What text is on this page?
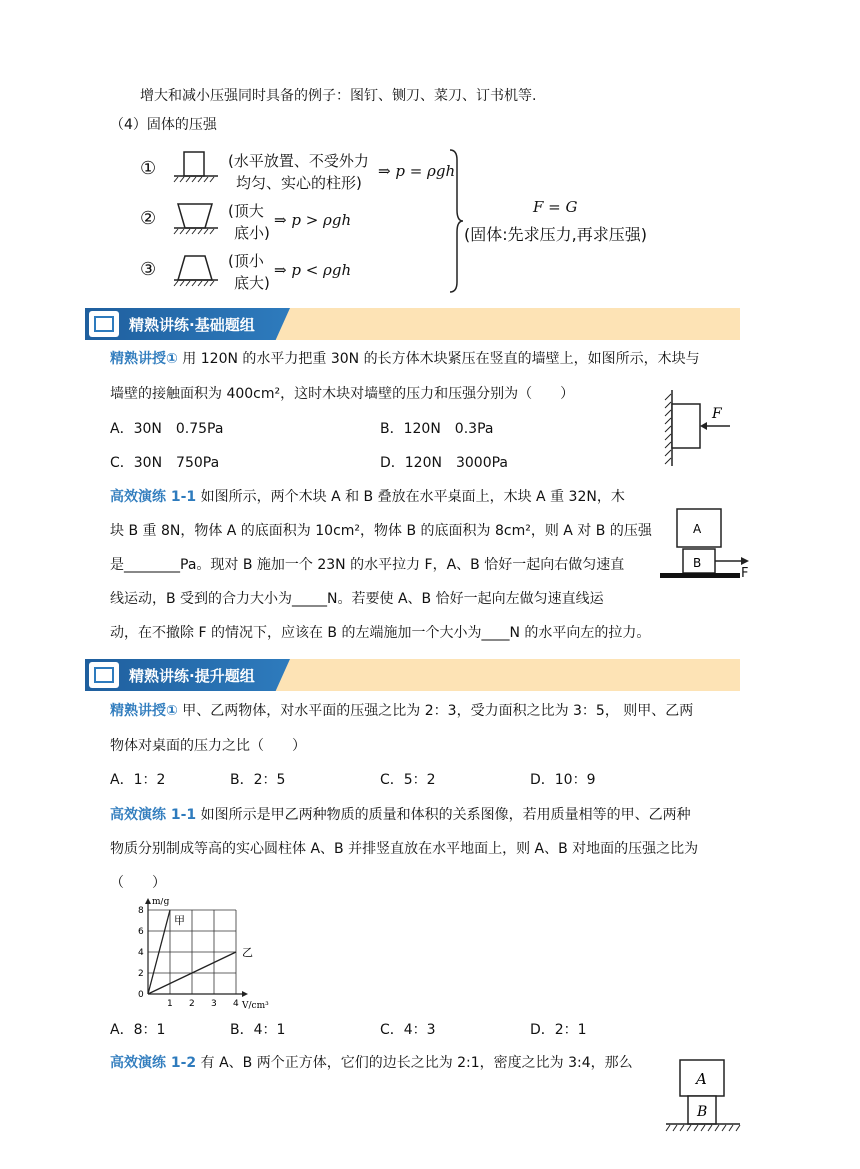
增大和减小压强同时具备的例子：图钉、铡刀、菜刀、订书机等.
（4）固体的压强
①	(水平放置、不受外力
均匀、实心的柱形)
⇒ p = ρgh
②	(顶大
底小)
⇒ p > ρgh
③	(顶小
底大)
⇒ p < ρgh
F = G
(固体:先求压力,再求压强)
精熟讲练·基础题组
精熟讲授① 用 120N 的水平力把重 30N 的长方体木块紧压在竖直的墙壁上，如图所示，木块与
墙壁的接触面积为 400cm²，这时木块对墙壁的压力和压强分别为（　　）
A．30N　0.75Pa	B．120N　0.3Pa
C．30N　750Pa	D．120N　3000Pa
F
高效演练 1-1 如图所示，两个木块 A 和 B 叠放在水平桌面上，木块 A 重 32N，木
块 B 重 8N，物体 A 的底面积为 10cm²，物体 B 的底面积为 8cm²，则 A 对 B 的压强
是________Pa。现对 B 施加一个 23N 的水平拉力 F，A、B 恰好一起向右做匀速直
线运动，B 受到的合力大小为_____N。若要使 A、B 恰好一起向左做匀速直线运
动，在不撤除 F 的情况下，应该在 B 的左端施加一个大小为____N 的水平向左的拉力。
A
B
F
精熟讲练·提升题组
精熟讲授① 甲、乙两物体，对水平面的压强之比为 2：3，受力面积之比为 3：5， 则甲、乙两
物体对桌面的压力之比（　　）
A．1：2	B．2：5	C．5：2	D．10：9
高效演练 1-1 如图所示是甲乙两种物质的质量和体积的关系图像，若用质量相等的甲、乙两种
物质分别制成等高的实心圆柱体 A、B 并排竖直放在水平地面上，则 A、B 对地面的压强之比为
（　　）
1 2 3 4
2
4
6
8
0
m/g
V/cm³
甲
乙
A．8：1	B．4：1	C．4：3	D．2：1
高效演练 1-2 有 A、B 两个正方体，它们的边长之比为 2:1，密度之比为 3:4，那么
A
B
